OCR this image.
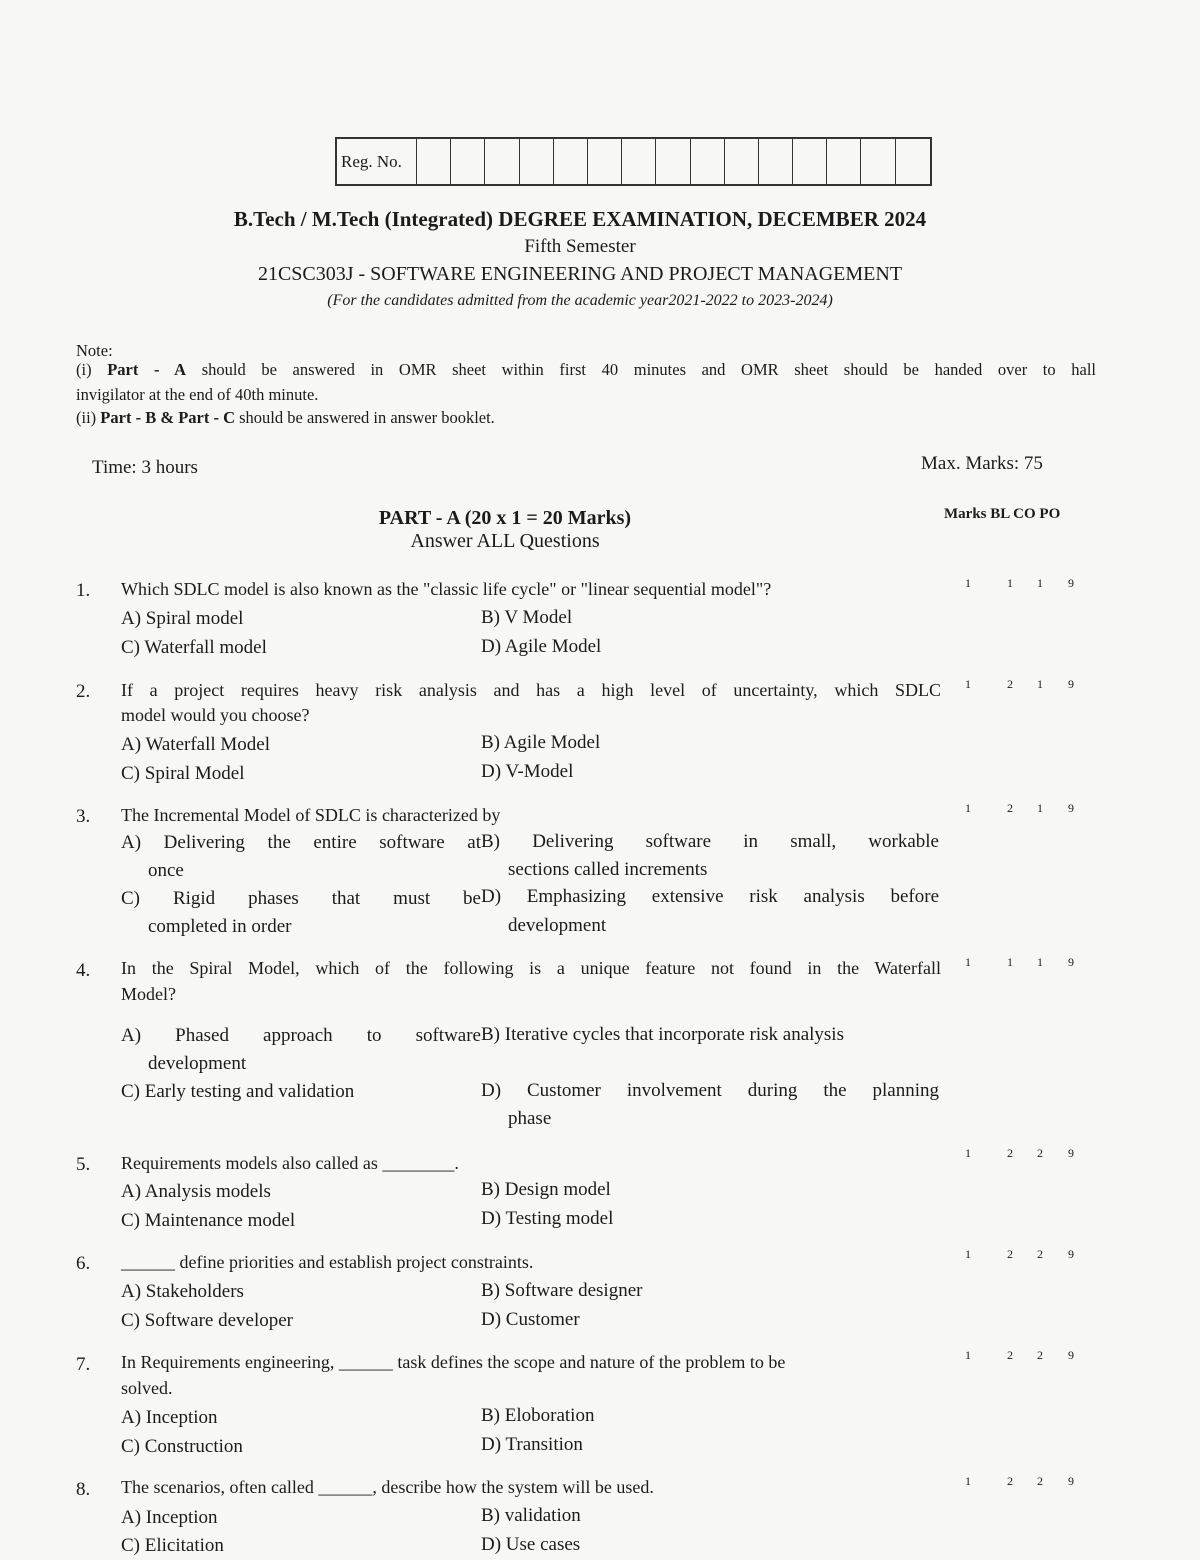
Reg. No.
B.Tech / M.Tech (Integrated) DEGREE EXAMINATION, DECEMBER 2024
Fifth Semester
21CSC303J - SOFTWARE ENGINEERING AND PROJECT MANAGEMENT
(For the candidates admitted from the academic year2021-2022 to 2023-2024)
Note:
(i) Part - A should be answered in OMR sheet within first 40 minutes and OMR sheet should be handed over to hall
invigilator at the end of 40th minute.
(ii) Part - B & Part - C should be answered in answer booklet.
Time: 3 hours	Max. Marks: 75
PART - A (20 x 1 = 20 Marks)
Answer ALL Questions
Marks BL CO PO
1. Which SDLC model is also known as the "classic life cycle" or "linear sequential model"?
A) Spiral model	B) V Model
C) Waterfall model	D) Agile Model
1	1	1	9
2. If a project requires heavy risk analysis and has a high level of uncertainty, which SDLC
model would you choose?
A) Waterfall Model	B) Agile Model
C) Spiral Model	D) V-Model
1	2	1	9
3. The Incremental Model of SDLC is characterized by
A) Delivering the entire software at
once
B) Delivering software in small, workable
sections called increments
C) Rigid phases that must be
completed in order
D) Emphasizing extensive risk analysis before
development
1	2	1	9
4. In the Spiral Model, which of the following is a unique feature not found in the Waterfall
Model?
A) Phased approach to software
development
B) Iterative cycles that incorporate risk analysis
C) Early testing and validation	D) Customer involvement during the planning
phase
1	1	1	9
5. Requirements models also called as ________.
A) Analysis models	B) Design model
C) Maintenance model	D) Testing model
1	2	2	9
6. ______ define priorities and establish project constraints.
A) Stakeholders	B) Software designer
C) Software developer	D) Customer
1	2	2	9
7. In Requirements engineering, ______ task defines the scope and nature of the problem to be
solved.
A) Inception	B) Eloboration
C) Construction	D) Transition
1	2	2	9
8. The scenarios, often called ______, describe how the system will be used.
A) Inception	B) validation
C) Elicitation	D) Use cases
1	2	2	9
